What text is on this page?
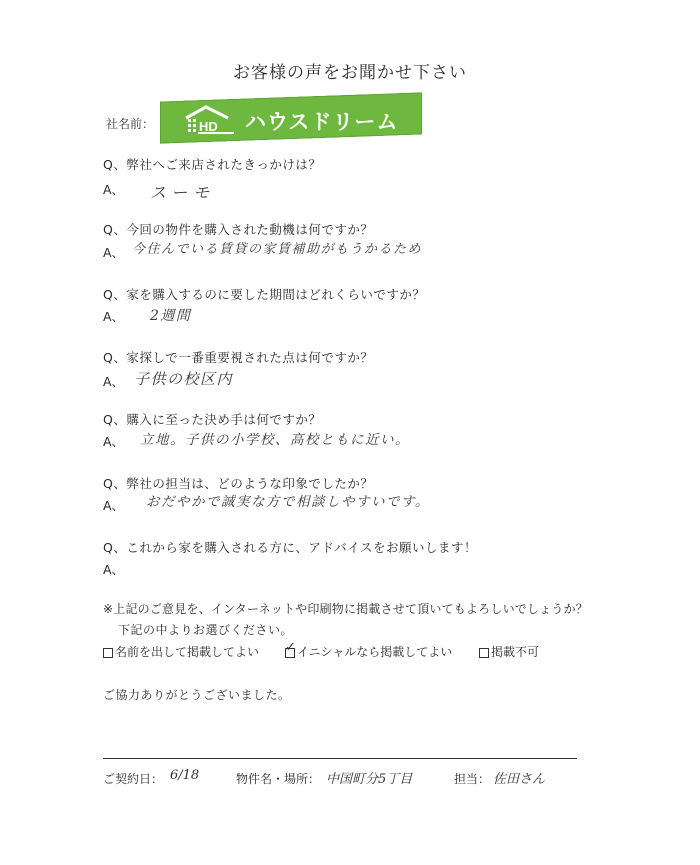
お客様の声をお聞かせ下さい
社名前：	HD ハウスドリーム
Q、弊社へご来店されたきっかけは？
A、 スーモ
Q、今回の物件を購入された動機は何ですか？
A、 今住んでいる賃貸の家賃補助がもうかるため
Q、家を購入するのに要した期間はどれくらいですか？
A、 2週間
Q、家探しで一番重要視された点は何ですか？
A、 子供の校区内
Q、購入に至った決め手は何ですか？
A、 立地。子供の小学校、高校ともに近い。
Q、弊社の担当は、どのような印象でしたか？
A、 おだやかで誠実な方で相談しやすいです。
Q、これから家を購入される方に、アドバイスをお願いします！
A、
※上記のご意見を、インターネットや印刷物に掲載させて頂いてもよろしいでしょうか？
下記の中よりお選びください。
名前を出して掲載してよい ✓ イニシャルなら掲載してよい	掲載不可
ご協力ありがとうございました。
ご契約日： 6/18	物件名・場所： 中国町分5丁目	担当： 佐田さん
